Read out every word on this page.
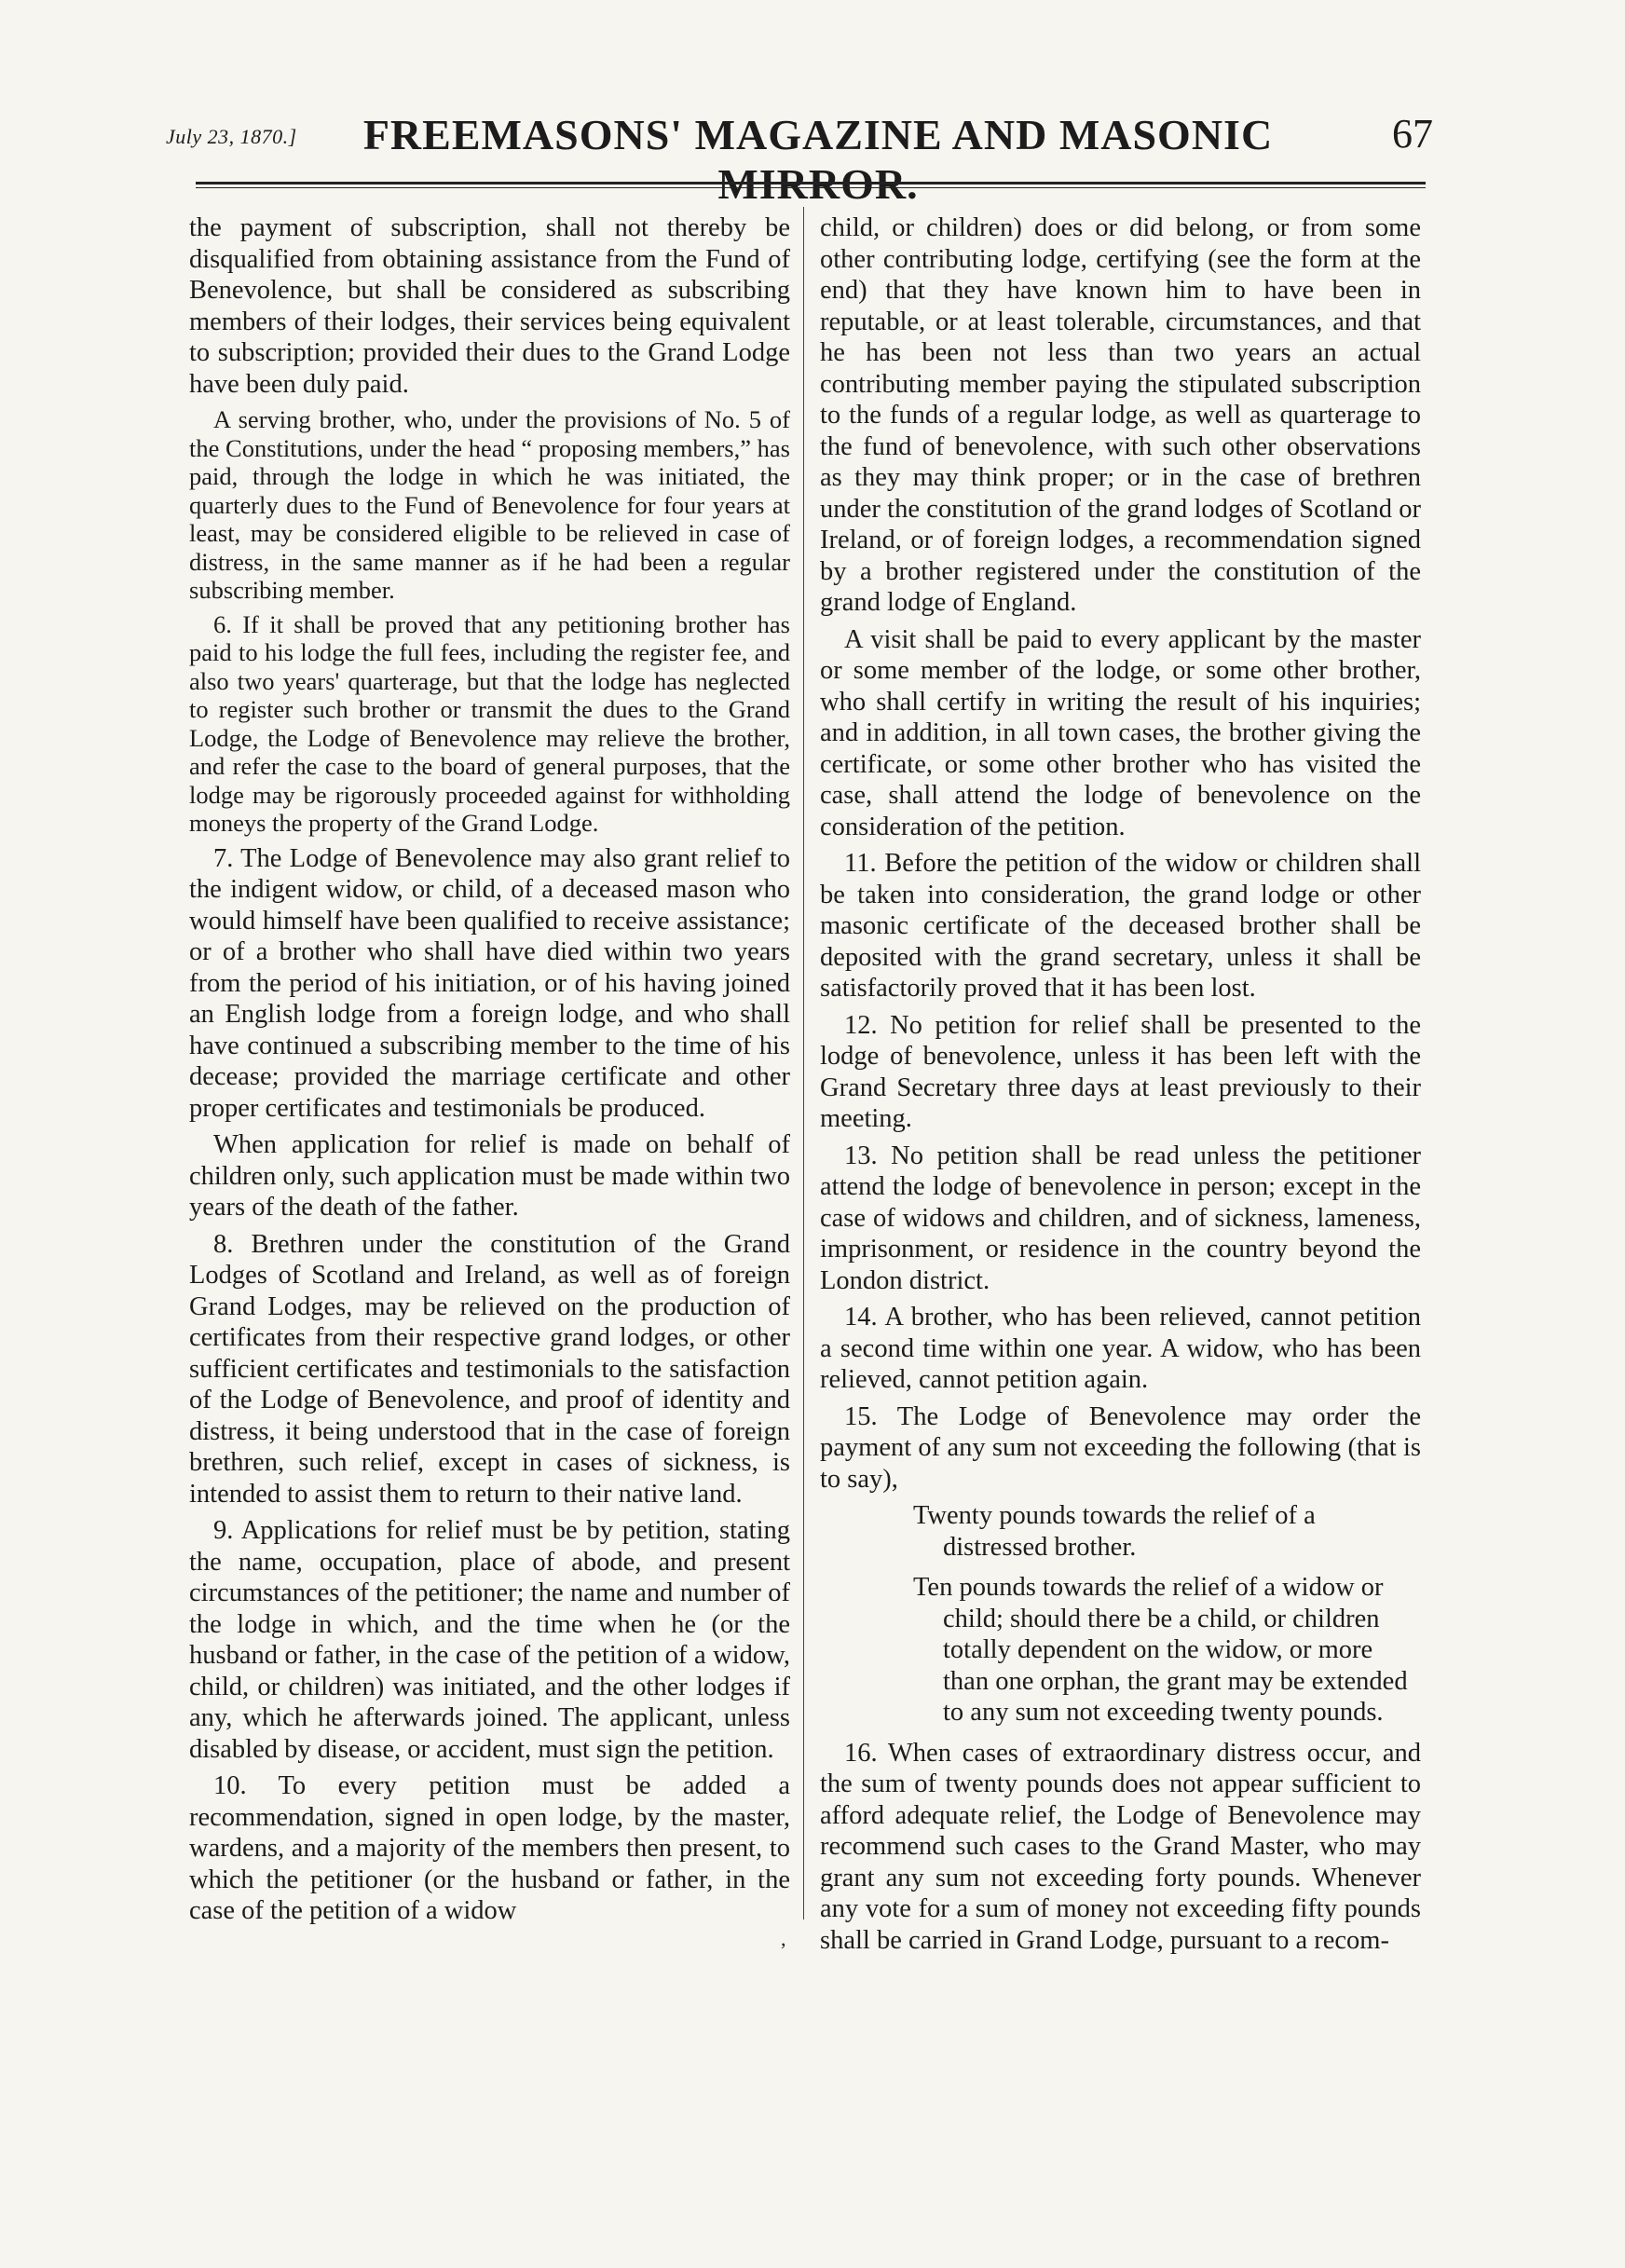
July 23, 1870.]	FREEMASONS' MAGAZINE AND MASONIC MIRROR.
67

the payment of subscription, shall not thereby be disqualified from obtaining assistance from the Fund of Benevolence, but shall be considered as subscribing members of their lodges, their services being equivalent to subscription; provided their dues to the Grand Lodge have been duly paid.

A serving brother, who, under the provisions of No. 5 of the Constitutions, under the head “ proposing members,” has paid, through the lodge in which he was initiated, the quarterly dues to the Fund of Benevolence for four years at least, may be considered eligible to be relieved in case of distress, in the same manner as if he had been a regular subscribing member.

6. If it shall be proved that any petitioning brother has paid to his lodge the full fees, including the register fee, and also two years' quarterage, but that the lodge has neglected to register such brother or transmit the dues to the Grand Lodge, the Lodge of Benevolence may relieve the brother, and refer the case to the board of general purposes, that the lodge may be rigorously proceeded against for withholding moneys the property of the Grand Lodge.

7. The Lodge of Benevolence may also grant relief to the indigent widow, or child, of a deceased mason who would himself have been qualified to receive assistance; or of a brother who shall have died within two years from the period of his initiation, or of his having joined an English lodge from a foreign lodge, and who shall have continued a subscribing member to the time of his decease; provided the marriage certificate and other proper certificates and testimonials be produced.

When application for relief is made on behalf of children only, such application must be made within two years of the death of the father.

8. Brethren under the constitution of the Grand Lodges of Scotland and Ireland, as well as of foreign Grand Lodges, may be relieved on the production of certificates from their respective grand lodges, or other sufficient certificates and testimonials to the satisfaction of the Lodge of Benevolence, and proof of identity and distress, it being understood that in the case of foreign brethren, such relief, except in cases of sickness, is intended to assist them to return to their native land.

9. Applications for relief must be by petition, stating the name, occupation, place of abode, and present circumstances of the petitioner; the name and number of the lodge in which, and the time when he (or the husband or father, in the case of the petition of a widow, child, or children) was initiated, and the other lodges if any, which he afterwards joined. The applicant, unless disabled by disease, or accident, must sign the petition.

10. To every petition must be added a recommendation, signed in open lodge, by the master, wardens, and a majority of the members then present, to which the petitioner (or the husband or father, in the case of the petition of a widow

child, or children) does or did belong, or from some other contributing lodge, certifying (see the form at the end) that they have known him to have been in reputable, or at least tolerable, circumstances, and that he has been not less than two years an actual contributing member paying the stipulated subscription to the funds of a regular lodge, as well as quarterage to the fund of benevolence, with such other observations as they may think proper; or in the case of brethren under the constitution of the grand lodges of Scotland or Ireland, or of foreign lodges, a recommendation signed by a brother registered under the constitution of the grand lodge of England.

A visit shall be paid to every applicant by the master or some member of the lodge, or some other brother, who shall certify in writing the result of his inquiries; and in addition, in all town cases, the brother giving the certificate, or some other brother who has visited the case, shall attend the lodge of benevolence on the consideration of the petition.

11. Before the petition of the widow or children shall be taken into consideration, the grand lodge or other masonic certificate of the deceased brother shall be deposited with the grand secretary, unless it shall be satisfactorily proved that it has been lost.

12. No petition for relief shall be presented to the lodge of benevolence, unless it has been left with the Grand Secretary three days at least previously to their meeting.

13. No petition shall be read unless the petitioner attend the lodge of benevolence in person; except in the case of widows and children, and of sickness, lameness, imprisonment, or residence in the country beyond the London district.

14. A brother, who has been relieved, cannot petition a second time within one year. A widow, who has been relieved, cannot petition again.

15. The Lodge of Benevolence may order the payment of any sum not exceeding the following (that is to say),

Twenty pounds towards the relief of a distressed brother.
Ten pounds towards the relief of a widow or child; should there be a child, or children totally dependent on the widow, or more than one orphan, the grant may be extended to any sum not exceeding twenty pounds.

16. When cases of extraordinary distress occur, and the sum of twenty pounds does not appear sufficient to afford adequate relief, the Lodge of Benevolence may recommend such cases to the Grand Master, who may grant any sum not exceeding forty pounds. Whenever any vote for a sum of money not exceeding fifty pounds shall be carried in Grand Lodge, pursuant to a recom-

,
